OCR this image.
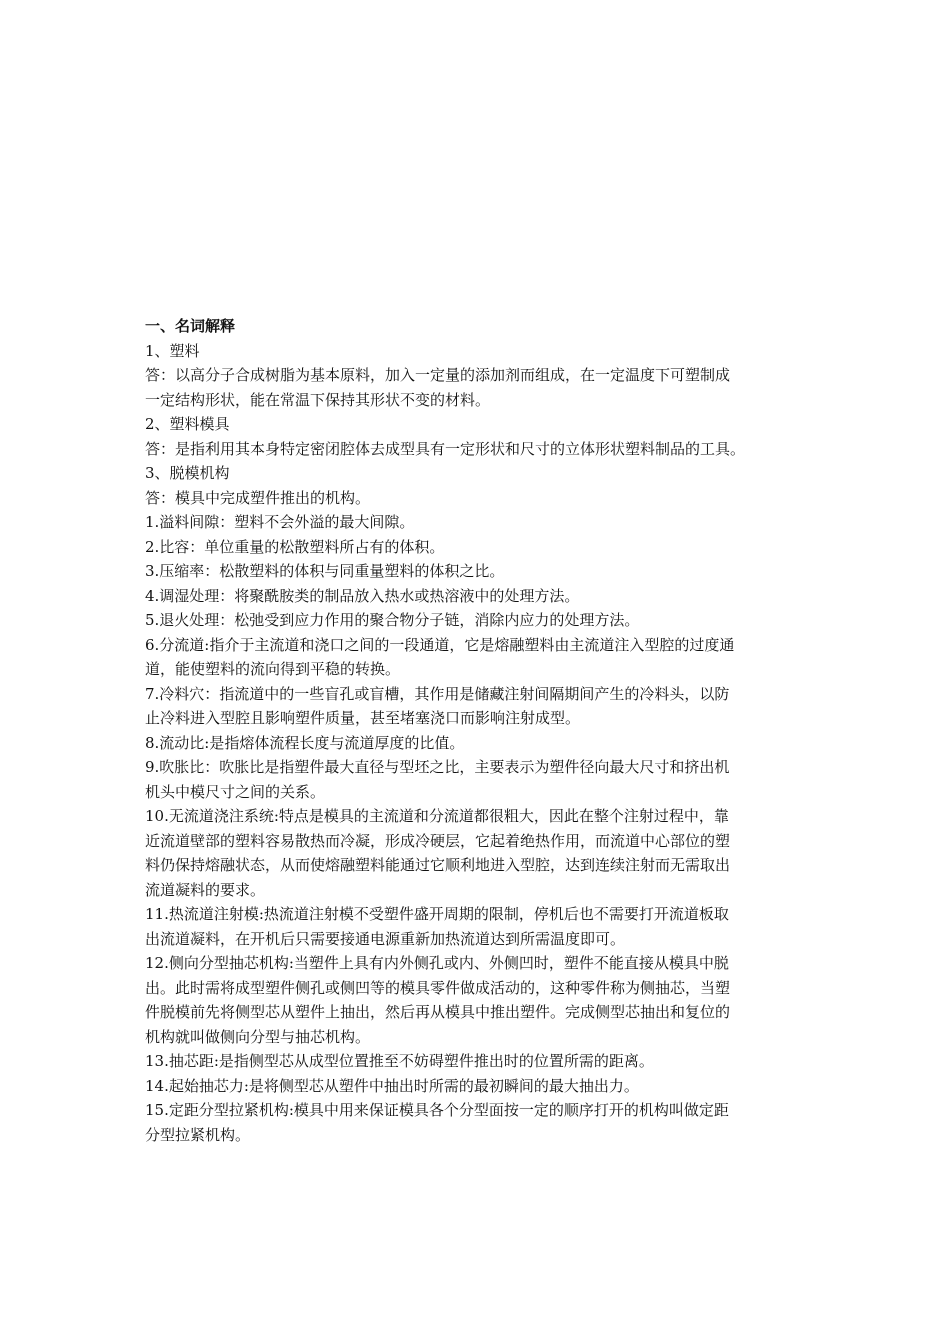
一、名词解释
1、塑料
答：以高分子合成树脂为基本原料，加入一定量的添加剂而组成，在一定温度下可塑制成
一定结构形状，能在常温下保持其形状不变的材料。
2、塑料模具
答：是指利用其本身特定密闭腔体去成型具有一定形状和尺寸的立体形状塑料制品的工具。
3、脱模机构
答：模具中完成塑件推出的机构。
1.溢料间隙：塑料不会外溢的最大间隙。
2.比容：单位重量的松散塑料所占有的体积。
3.压缩率：松散塑料的体积与同重量塑料的体积之比。
4.调湿处理：将聚酰胺类的制品放入热水或热溶液中的处理方法。
5.退火处理：松弛受到应力作用的聚合物分子链，消除内应力的处理方法。
6.分流道:指介于主流道和浇口之间的一段通道，它是熔融塑料由主流道注入型腔的过度通
道，能使塑料的流向得到平稳的转换。
7.冷料穴：指流道中的一些盲孔或盲槽，其作用是储藏注射间隔期间产生的冷料头，以防
止冷料进入型腔且影响塑件质量，甚至堵塞浇口而影响注射成型。
8.流动比:是指熔体流程长度与流道厚度的比值。
9.吹胀比：吹胀比是指塑件最大直径与型坯之比，主要表示为塑件径向最大尺寸和挤出机
机头中模尺寸之间的关系。
10.无流道浇注系统:特点是模具的主流道和分流道都很粗大，因此在整个注射过程中，靠
近流道壁部的塑料容易散热而冷凝，形成冷硬层，它起着绝热作用，而流道中心部位的塑
料仍保持熔融状态，从而使熔融塑料能通过它顺利地进入型腔，达到连续注射而无需取出
流道凝料的要求。
11.热流道注射模:热流道注射模不受塑件盛开周期的限制，停机后也不需要打开流道板取
出流道凝料，在开机后只需要接通电源重新加热流道达到所需温度即可。
12.侧向分型抽芯机构:当塑件上具有内外侧孔或内、外侧凹时，塑件不能直接从模具中脱
出。此时需将成型塑件侧孔或侧凹等的模具零件做成活动的，这种零件称为侧抽芯，当塑
件脱模前先将侧型芯从塑件上抽出，然后再从模具中推出塑件。完成侧型芯抽出和复位的
机构就叫做侧向分型与抽芯机构。
13.抽芯距:是指侧型芯从成型位置推至不妨碍塑件推出时的位置所需的距离。
14.起始抽芯力:是将侧型芯从塑件中抽出时所需的最初瞬间的最大抽出力。
15.定距分型拉紧机构:模具中用来保证模具各个分型面按一定的顺序打开的机构叫做定距
分型拉紧机构。
